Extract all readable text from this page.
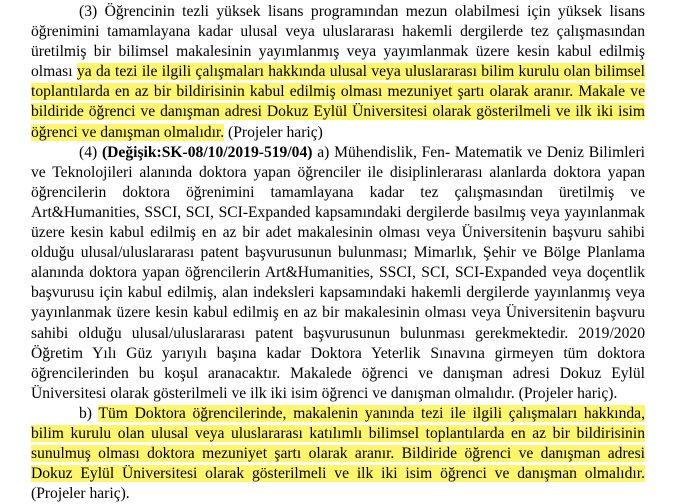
(3) Öğrencinin tezli yüksek lisans programından mezun olabilmesi için yüksek lisans öğrenimini tamamlayana kadar ulusal veya uluslararası hakemli dergilerde tez çalışmasından üretilmiş bir bilimsel makalesinin yayımlanmış veya yayımlanmak üzere kesin kabul edilmiş olması ya da tezi ile ilgili çalışmaları hakkında ulusal veya uluslararası bilim kurulu olan bilimsel toplantılarda en az bir bildirisinin kabul edilmiş olması mezuniyet şartı olarak aranır. Makale ve bildiride öğrenci ve danışman adresi Dokuz Eylül Üniversitesi olarak gösterilmeli ve ilk iki isim öğrenci ve danışman olmalıdır. (Projeler hariç)

(4) (Değişik:SK-08/10/2019-519/04) a) Mühendislik, Fen- Matematik ve Deniz Bilimleri ve Teknolojileri alanında doktora yapan öğrenciler ile disiplinlerarası alanlarda doktora yapan öğrencilerin doktora öğrenimini tamamlayana kadar tez çalışmasından üretilmiş ve Art&Humanities, SSCI, SCI, SCI-Expanded kapsamındaki dergilerde basılmış veya yayınlanmak üzere kesin kabul edilmiş en az bir adet makalesinin olması veya Üniversitenin başvuru sahibi olduğu ulusal/uluslararası patent başvurusunun bulunması; Mimarlık, Şehir ve Bölge Planlama alanında doktora yapan öğrencilerin Art&Humanities, SSCI, SCI, SCI-Expanded veya doçentlik başvurusu için kabul edilmiş, alan indeksleri kapsamındaki hakemli dergilerde yayınlanmış veya yayınlanmak üzere kesin kabul edilmiş en az bir makalesinin olması veya Üniversitenin başvuru sahibi olduğu ulusal/uluslararası patent başvurusunun bulunması gerekmektedir. 2019/2020 Öğretim Yılı Güz yarıyılı başına kadar Doktora Yeterlik Sınavına girmeyen tüm doktora öğrencilerinden bu koşul aranacaktır. Makalede öğrenci ve danışman adresi Dokuz Eylül Üniversitesi olarak gösterilmeli ve ilk iki isim öğrenci ve danışman olmalıdır. (Projeler hariç).

b) Tüm Doktora öğrencilerinde, makalenin yanında tezi ile ilgili çalışmaları hakkında, bilim kurulu olan ulusal veya uluslararası katılımlı bilimsel toplantılarda en az bir bildirisinin sunulmuş olması doktora mezuniyet şartı olarak aranır. Bildiride öğrenci ve danışman adresi Dokuz Eylül Üniversitesi olarak gösterilmeli ve ilk iki isim öğrenci ve danışman olmalıdır. (Projeler hariç).
